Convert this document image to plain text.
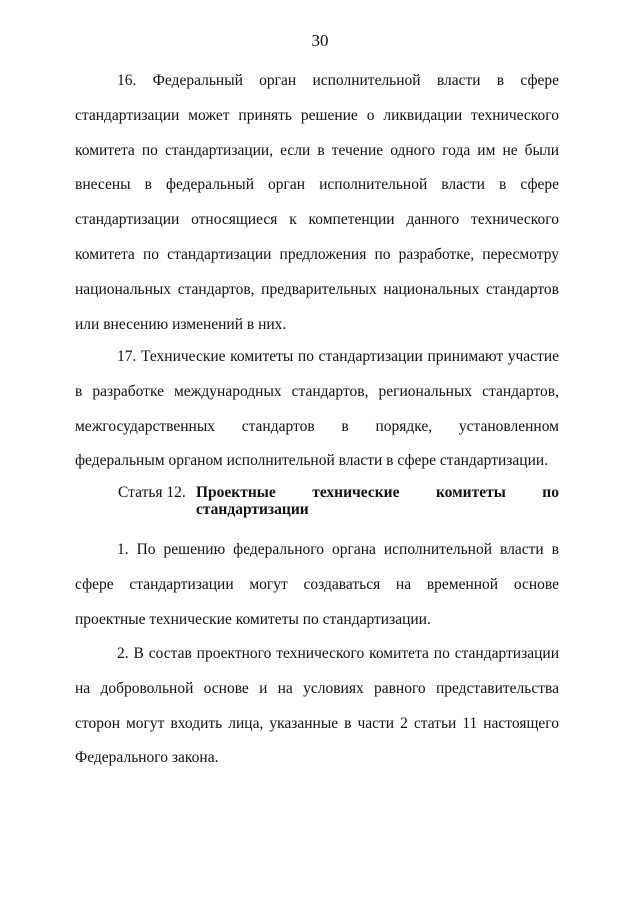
30

16. Федеральный орган исполнительной власти в сфере стандартизации может принять решение о ликвидации технического комитета по стандартизации, если в течение одного года им не были внесены в федеральный орган исполнительной власти в сфере стандартизации относящиеся к компетенции данного технического комитета по стандартизации предложения по разработке, пересмотру национальных стандартов, предварительных национальных стандартов или внесению изменений в них.

17. Технические комитеты по стандартизации принимают участие в разработке международных стандартов, региональных стандартов, межгосударственных стандартов в порядке, установленном федеральным органом исполнительной власти в сфере стандартизации.

Статья 12. Проектные технические комитеты по
стандартизации

1. По решению федерального органа исполнительной власти в сфере стандартизации могут создаваться на временной основе проектные технические комитеты по стандартизации.

2. В состав проектного технического комитета по стандартизации на добровольной основе и на условиях равного представительства сторон могут входить лица, указанные в части 2 статьи 11 настоящего Федерального закона.
